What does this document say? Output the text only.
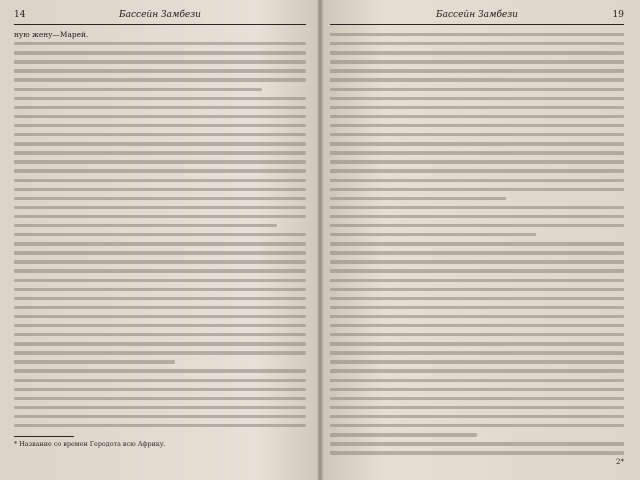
14	Бассейн Замбези
ную жену—Марей.
* Название со времен Геродота всю Африку.
Бассейн Замбези	19
2*
